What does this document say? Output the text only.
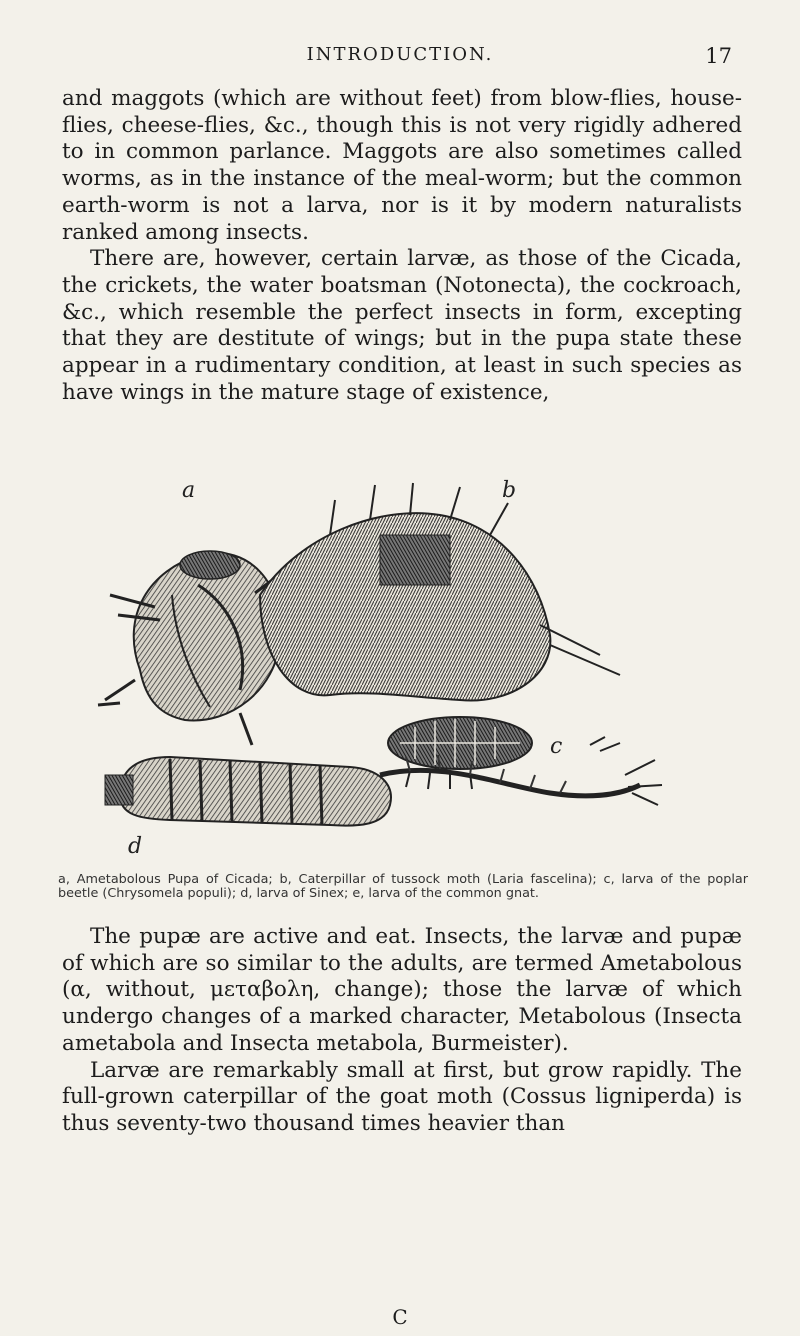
INTRODUCTION.	17

and maggots (which are without feet) from blow-flies, house-flies, cheese-flies, &c., though this is not very rigidly adhered to in common parlance. Maggots are also sometimes called worms, as in the instance of the meal-worm; but the common earth-worm is not a larva, nor is it by modern naturalists ranked among insects.

There are, however, certain larvæ, as those of the Cicada, the crickets, the water boatsman (Notonecta), the cockroach, &c., which resemble the perfect insects in form, excepting that they are destitute of wings; but in the pupa state these appear in a rudimentary condition, at least in such species as have wings in the mature stage of existence,

a	b
c
d
a, Ametabolous Pupa of Cicada; b, Caterpillar of tussock moth (Laria fascelina); c, larva of the poplar beetle (Chrysomela populi); d, larva of Sinex; e, larva of the common gnat.

The pupæ are active and eat. Insects, the larvæ and pupæ of which are so similar to the adults, are termed Ametabolous (α, without, μεταβολη, change); those the larvæ of which undergo changes of a marked character, Metabolous (Insecta ametabola and Insecta metabola, Burmeister).

Larvæ are remarkably small at first, but grow rapidly. The full-grown caterpillar of the goat moth (Cossus ligniperda) is thus seventy-two thousand times heavier than

C
